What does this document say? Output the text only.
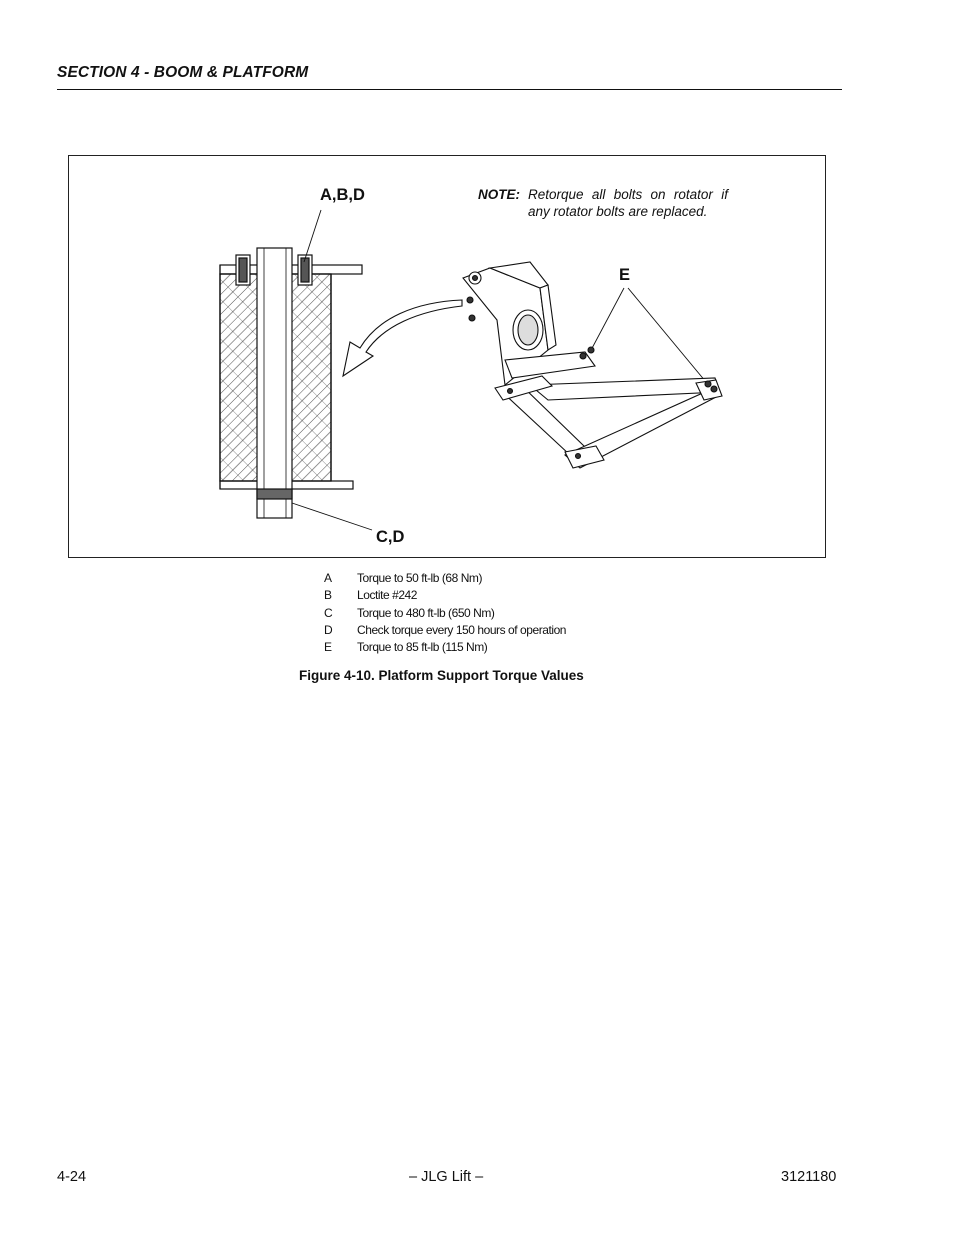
SECTION 4 - BOOM & PLATFORM
A,B,D
C,D
E
NOTE: Retorque all bolts on rotator if any rotator bolts are replaced.
A Torque to 50 ft-lb (68 Nm)
B Loctite #242
C Torque to 480 ft-lb (650 Nm)
D Check torque every 150 hours of operation
E Torque to 85 ft-lb (115 Nm)
Figure 4-10. Platform Support Torque Values
4-24	– JLG Lift –	3121180
